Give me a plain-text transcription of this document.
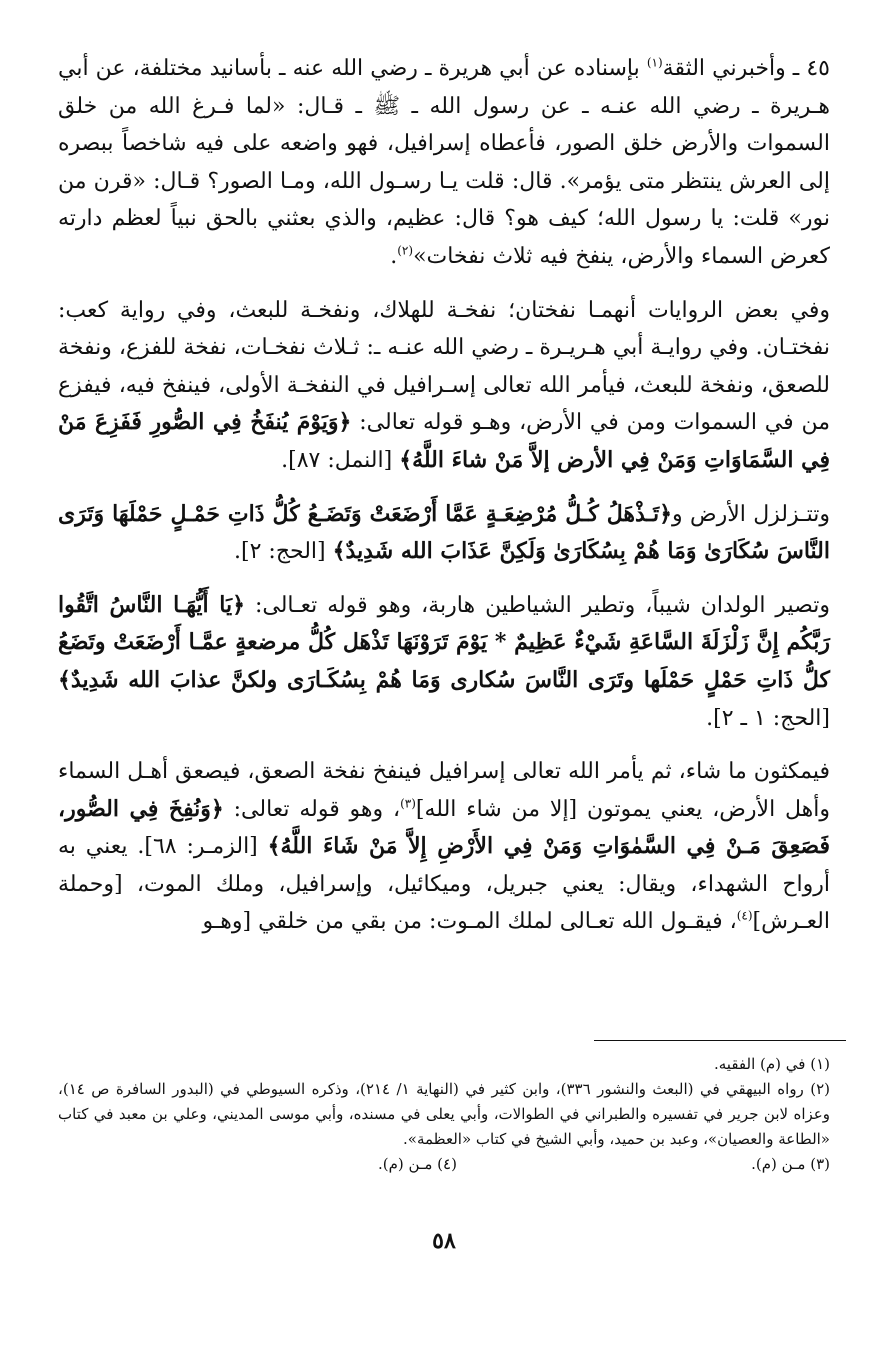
٤٥ ـ وأخبرني الثقة$^{(١)}$ بإسناده عن أبي هريرة ـ رضي الله عنه ـ بأسانيد مختلفة، عن أبي هـريرة ـ رضي الله عنـه ـ عن رسول الله ـ ﷺ ـ قـال: «لما فـرغ الله من خلق السموات والأرض خلق الصور، فأعطاه إسرافيل، فهو واضعه على فيه شاخصاً ببصره إلى العرش ينتظر متى يؤمر». قال: قلت يـا رسـول الله، ومـا الصور؟ قـال: «قرن من نور» قلت: يا رسول الله؛ كيف هو؟ قال: عظيم، والذي بعثني بالحق نبياً لعظم دارته كعرض السماء والأرض، ينفخ فيه ثلاث نفخات»$^{(٢)}$.

وفي بعض الروايات أنهمـا نفختان؛ نفخـة للهلاك، ونفخـة للبعث، وفي رواية كعب: نفختـان. وفي روايـة أبي هـريـرة ـ رضي الله عنـه ـ: ثـلاث نفخـات، نفخة للفزع، ونفخة للصعق، ونفخة للبعث، فيأمر الله تعالى إسـرافيل في النفخـة الأولى، فينفخ فيه، فيفزع من في السموات ومن في الأرض، وهـو قوله تعالى: ﴿وَيَوْمَ يُنفَخُ فِي الصُّورِ فَفَزِعَ مَنْ فِي السَّمَاوَاتِ وَمَنْ فِي الأرض إلاَّ مَنْ شاءَ اللَّهُ﴾ [النمل: ٨٧].

وتتـزلزل الأرض و﴿تَـذْهَلُ كُـلُّ مُرْضِعَـةٍ عَمَّا أَرْضَعَتْ وَتَضَـعُ كُلُّ ذَاتِ حَمْـلٍ حَمْلَهَا وَتَرَى النَّاسَ سُكَارَىٰ وَمَا هُمْ بِسُكَارَىٰ وَلَكِنَّ عَذَابَ الله شَدِيدٌ﴾ [الحج: ٢].

وتصير الولدان شيباً، وتطير الشياطين هاربة، وهو قوله تعـالى: ﴿يَا أَيُّهَـا النَّاسُ اتَّقُوا رَبَّكُم إِنَّ زَلْزَلَةَ السَّاعَةِ شَيْءٌ عَظِيمٌ * يَوْمَ تَرَوْنَهَا تَذْهَل كُلُّ مرضعةٍ عمَّـا أَرْضَعَتْ وتَضَعُ كلُّ ذَاتِ حَمْلٍ حَمْلَها وتَرَى النَّاسَ سُكارى وَمَا هُمْ بِسُكَـارَى ولكنَّ عذابَ الله شَدِيدٌ﴾ [الحج: ١ ـ ٢].

فيمكثون ما شاء، ثم يأمر الله تعالى إسرافيل فينفخ نفخة الصعق، فيصعق أهـل السماء وأهل الأرض، يعني يموتون [إلا من شاء الله]$^{(٣)}$، وهو قوله تعالى: ﴿وَنُفِخَ فِي الصُّور، فَصَعِقَ مَـنْ فِي السَّمٰوَاتِ وَمَنْ فِي الأَرْضِ إِلاَّ مَنْ شَاءَ اللَّهُ﴾ [الزمـر: ٦٨]. يعني به أرواح الشهداء، ويقال: يعني جبريل، وميكائيل، وإسرافيل، وملك الموت، [وحملة العـرش]$^{(٤)}$، فيقـول الله تعـالى لملك المـوت: من بقي من خلقي [وهـو

(١) في (م) الفقيه.

(٢) رواه البيهقي في (البعث والنشور ٣٣٦)، وابن كثير في (النهاية ١/ ٢١٤)، وذكره السيوطي في (البدور السافرة ص ١٤)، وعزاه لابن جرير في تفسيره والطبراني في الطوالات، وأبي يعلى في مسنده، وأبي موسى المديني، وعلي بن معبد في كتاب «الطاعة والعصيان»، وعبد بن حميد، وأبي الشيخ في كتاب «العظمة».

(٣) مـن (م).
(٤) مـن (م).
٥٨
